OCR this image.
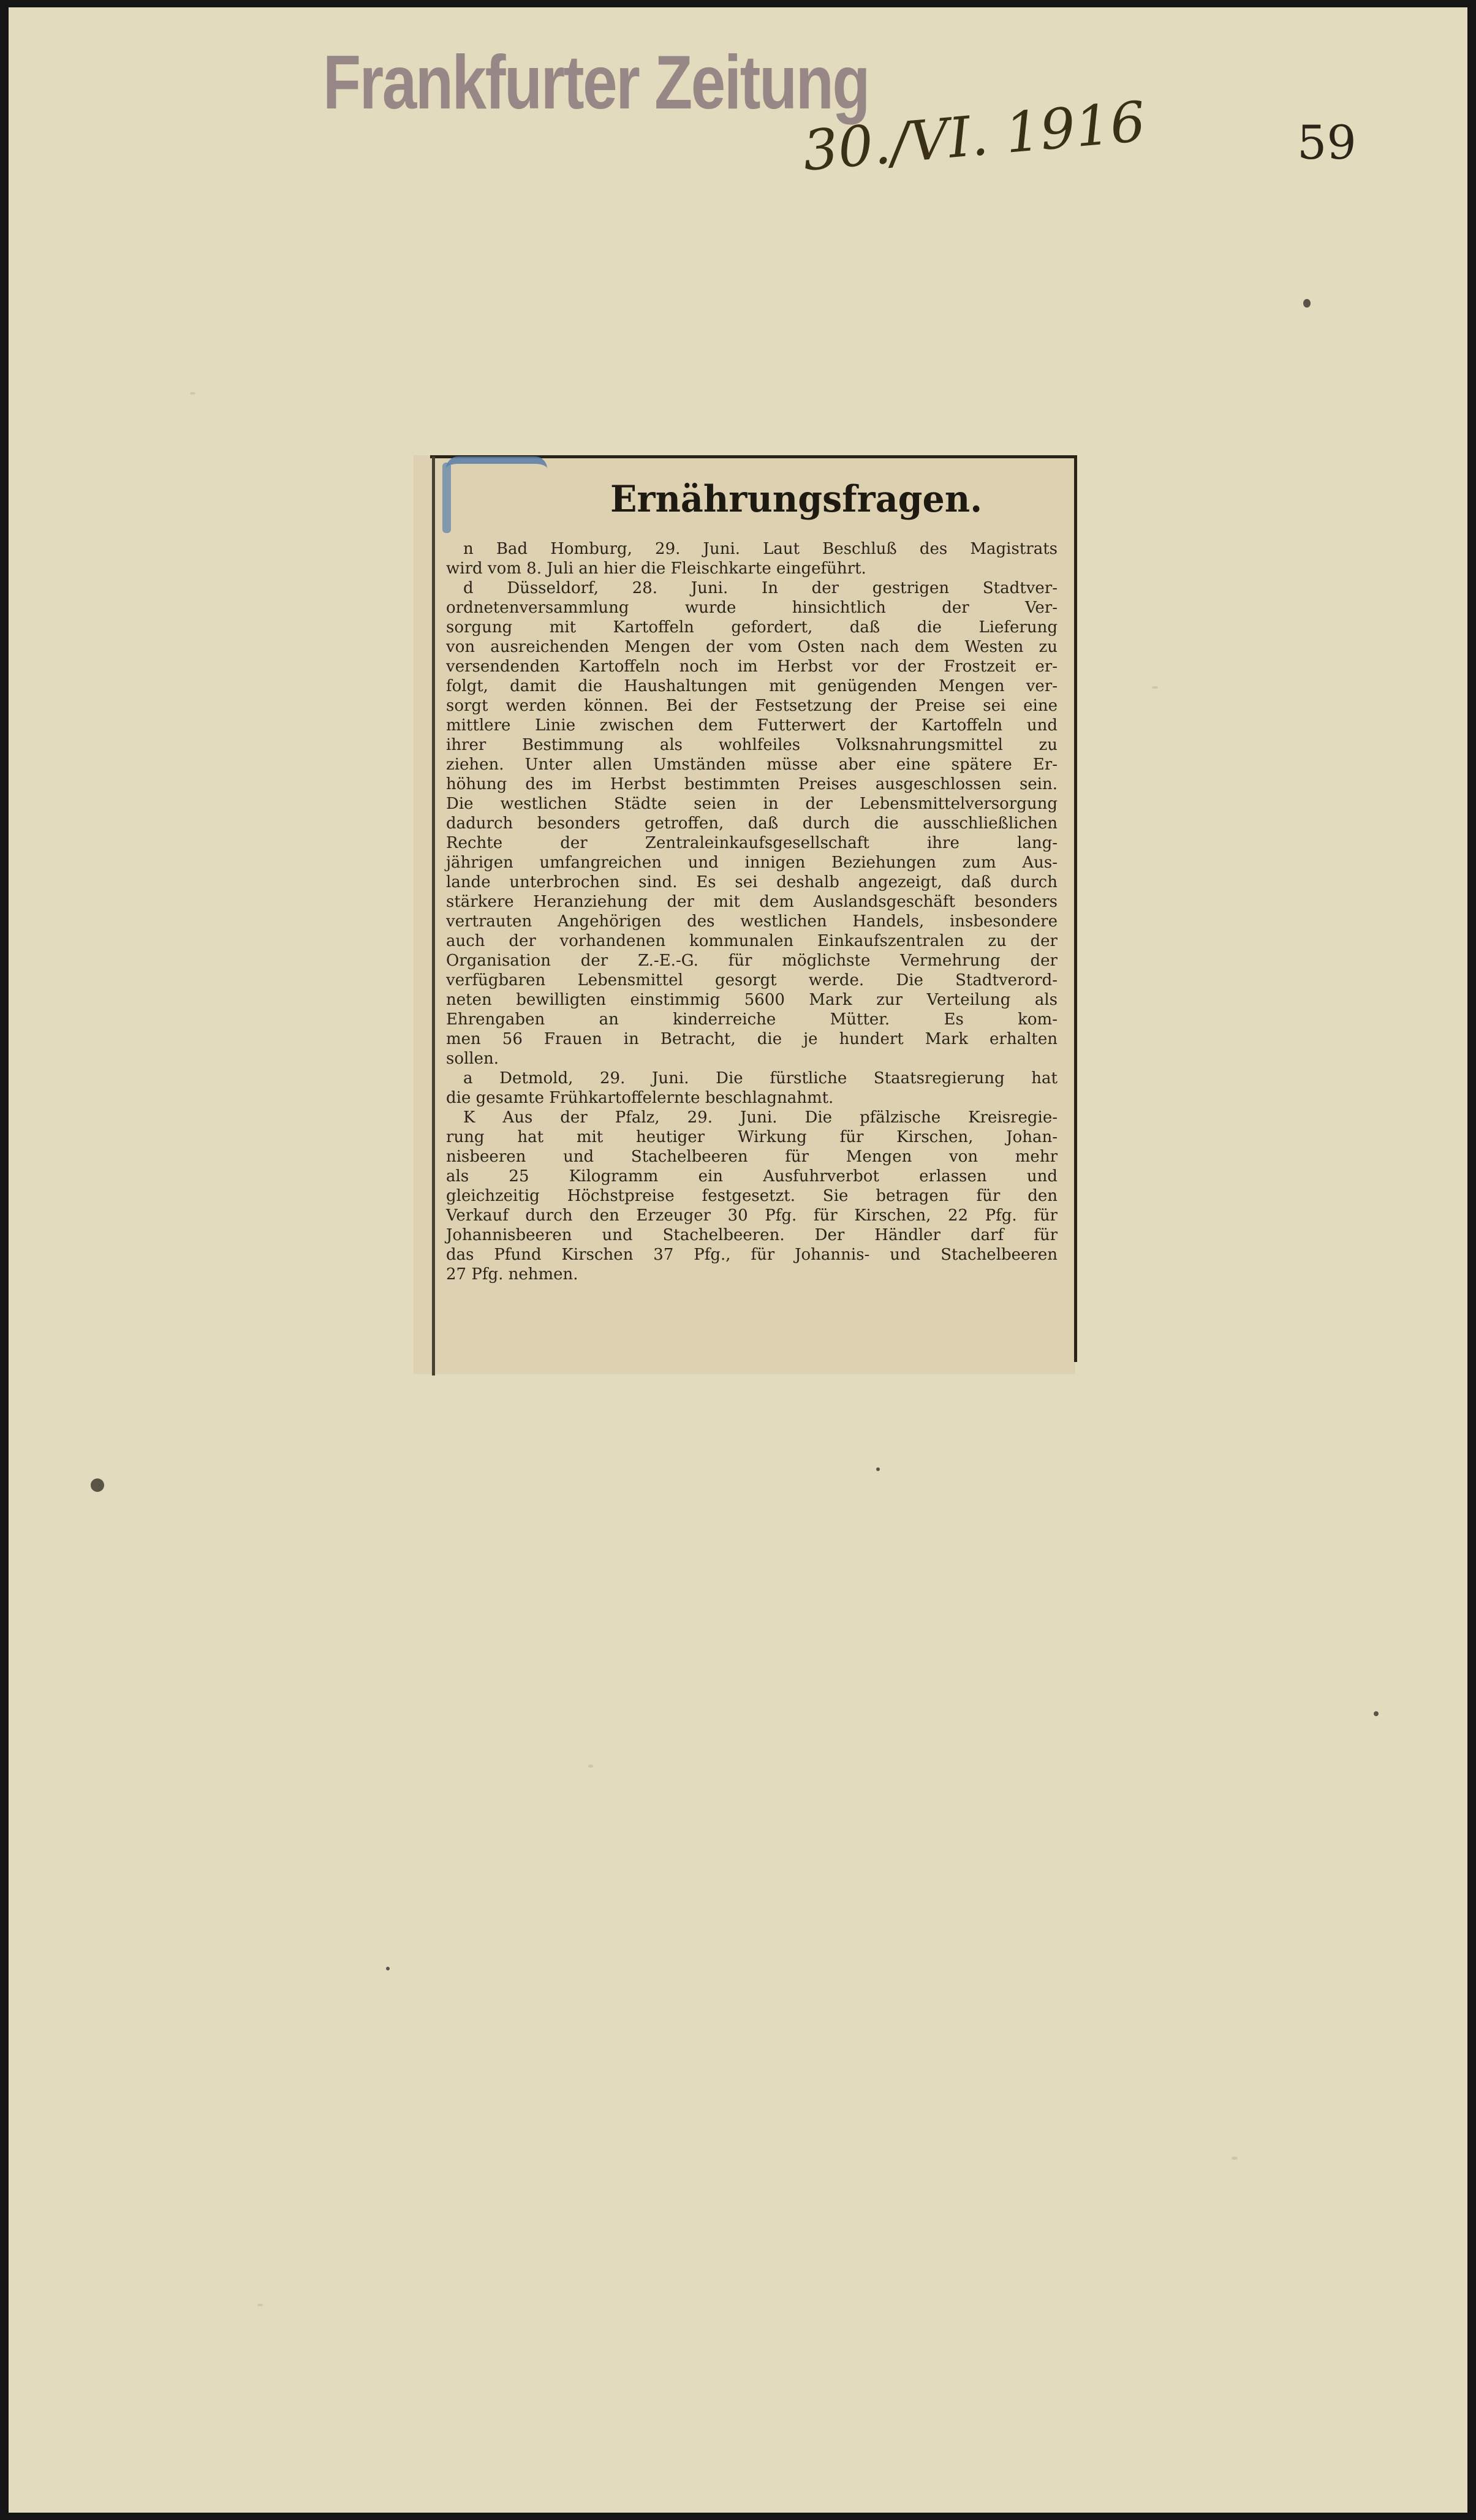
Frankfurter Zeitung
30./VI. 1916	59
Ernährungsfragen.
n Bad Homburg, 29. Juni. Laut Beschluß des Magistrats
wird vom 8. Juli an hier die Fleischkarte eingeführt.
d Düsseldorf, 28. Juni. In der gestrigen Stadtver-
ordnetenversammlung wurde hinsichtlich der Ver-
sorgung mit Kartoffeln gefordert, daß die Lieferung
von ausreichenden Mengen der vom Osten nach dem Westen zu
versendenden Kartoffeln noch im Herbst vor der Frostzeit er-
folgt, damit die Haushaltungen mit genügenden Mengen ver-
sorgt werden können. Bei der Festsetzung der Preise sei eine
mittlere Linie zwischen dem Futterwert der Kartoffeln und
ihrer Bestimmung als wohlfeiles Volksnahrungsmittel zu
ziehen. Unter allen Umständen müsse aber eine spätere Er-
höhung des im Herbst bestimmten Preises ausgeschlossen sein.
Die westlichen Städte seien in der Lebensmittelversorgung
dadurch besonders getroffen, daß durch die ausschließlichen
Rechte der Zentraleinkaufsgesellschaft ihre lang-
jährigen umfangreichen und innigen Beziehungen zum Aus-
lande unterbrochen sind. Es sei deshalb angezeigt, daß durch
stärkere Heranziehung der mit dem Auslandsgeschäft besonders
vertrauten Angehörigen des westlichen Handels, insbesondere
auch der vorhandenen kommunalen Einkaufszentralen zu der
Organisation der Z.-E.-G. für möglichste Vermehrung der
verfügbaren Lebensmittel gesorgt werde. Die Stadtverord-
neten bewilligten einstimmig 5600 Mark zur Verteilung als
Ehrengaben an kinderreiche Mütter. Es kom-
men 56 Frauen in Betracht, die je hundert Mark erhalten
sollen.
a Detmold, 29. Juni. Die fürstliche Staatsregierung hat
die gesamte Frühkartoffelernte beschlagnahmt.
K Aus der Pfalz, 29. Juni. Die pfälzische Kreisregie-
rung hat mit heutiger Wirkung für Kirschen, Johan-
nisbeeren und Stachelbeeren für Mengen von mehr
als 25 Kilogramm ein Ausfuhrverbot erlassen und
gleichzeitig Höchstpreise festgesetzt. Sie betragen für den
Verkauf durch den Erzeuger 30 Pfg. für Kirschen, 22 Pfg. für
Johannisbeeren und Stachelbeeren. Der Händler darf für
das Pfund Kirschen 37 Pfg., für Johannis- und Stachelbeeren
27 Pfg. nehmen.
